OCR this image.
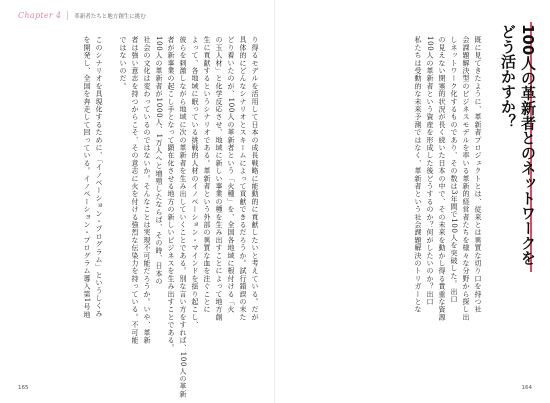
Chapter 4 革新者たちと地方創生に挑む
り得るモデルを活用して日本の成長戦略に能動的に貢献したいと考えている。だが
具体的にどんなシナリオとスキームによって貢献できるだろうか。試行錯誤の末た
どり着いたのが、100人の革新者という「火種」を、全国各地域に根付ける「火
の玉人材」と化学反応させ、地域に新しい事業の種を生み出すことによって地方創
生に貢献するというシナリオである。革新者という外部の異質な血を注ぐことに
よって、各地域に眠っている挑戦的人材のイノベーション・マインドを揺り起こし、
彼らを刺激しながら地域に次の革新者を生み出していくことである。別な言い方をすれば、100人の革新
者が新事業の起こし手となって顕在化させる地方の新しいビジネスを生み出すことである。
100人の革新者が1000人、1万人へと増殖したならば、その時、日本の
社会の文化は変わっているのではないか。そんなことは実現不可能だろうか。いや、革新
者は強い意志を持つからこそ、その意志に火を付ける強烈な伝染力を持っている。不可能
ではないのだ。
このシナリオを具現化するために、「イノベーション・プログラム」というしくみ
を開発し、全国を奔走して回っている。イノベーション・プログラム導入第1号地
165
100人の革新者とのネットワークを
どう活かすか？
既に見てきたように、革新者プロジェクトとは、従来とは異質な切り口を持つ社
会課題解決型のビジネスモデルを率いる革新的経営者たちを様々な分野から探し出
しネットワーク化するものであり、その数は3年間で100人を突破した。出口
の見えない閉塞的状況が長く続いた日本の中で、その未来を動かし得る貴重な資源
100人の革新者という資産を形成した後どうするのか？何がしたいのか？出口
私たちは受動的な未来予測ではなく、革新者という社会課題解決のトリガーとな
164
